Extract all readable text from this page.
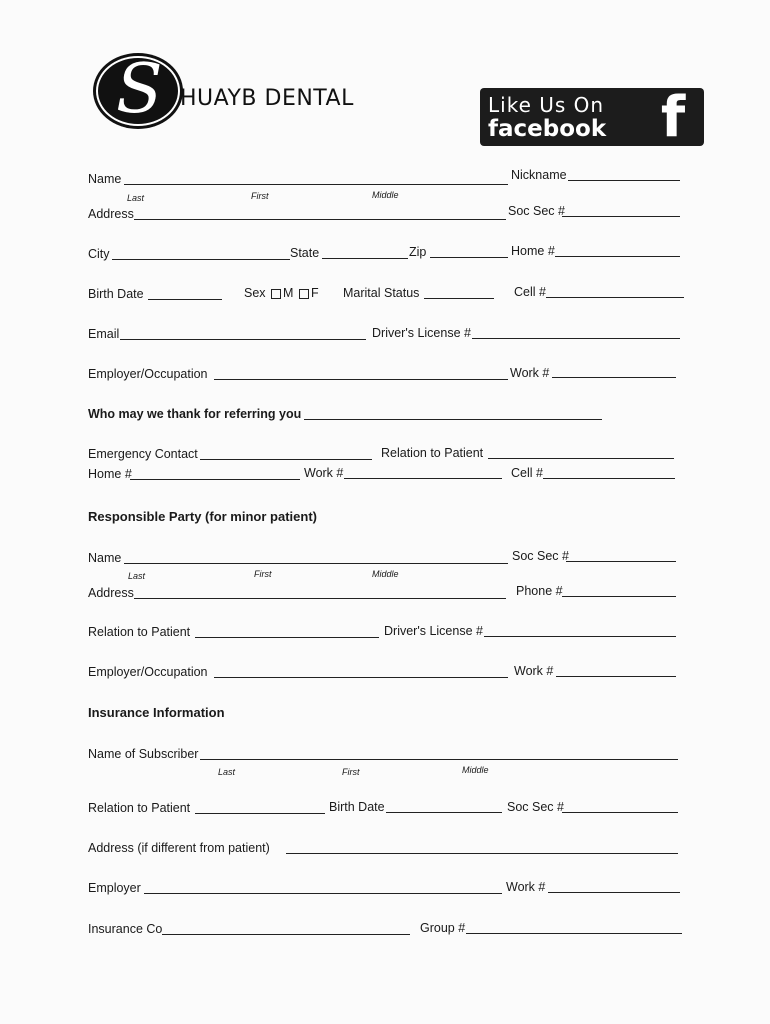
S HUAYB DENTAL	Like Us On
facebook f
Name	Nickname
Last	First	Middle
Address	Soc Sec #
City	State	Zip	Home #
Birth Date	Sex M F Marital Status	Cell #
Email	Driver's License #
Employer/Occupation	Work #
Who may we thank for referring you
Emergency Contact	Relation to Patient
Home #	Work #	Cell #
Responsible Party (for minor patient)
Name	Soc Sec #
Last	First	Middle
Address	Phone #
Relation to Patient	Driver's License #
Employer/Occupation	Work #
Insurance Information
Name of Subscriber
Last	First	Middle
Relation to Patient	Birth Date	Soc Sec #
Address (if different from patient)
Employer	Work #
Insurance Co	Group #
